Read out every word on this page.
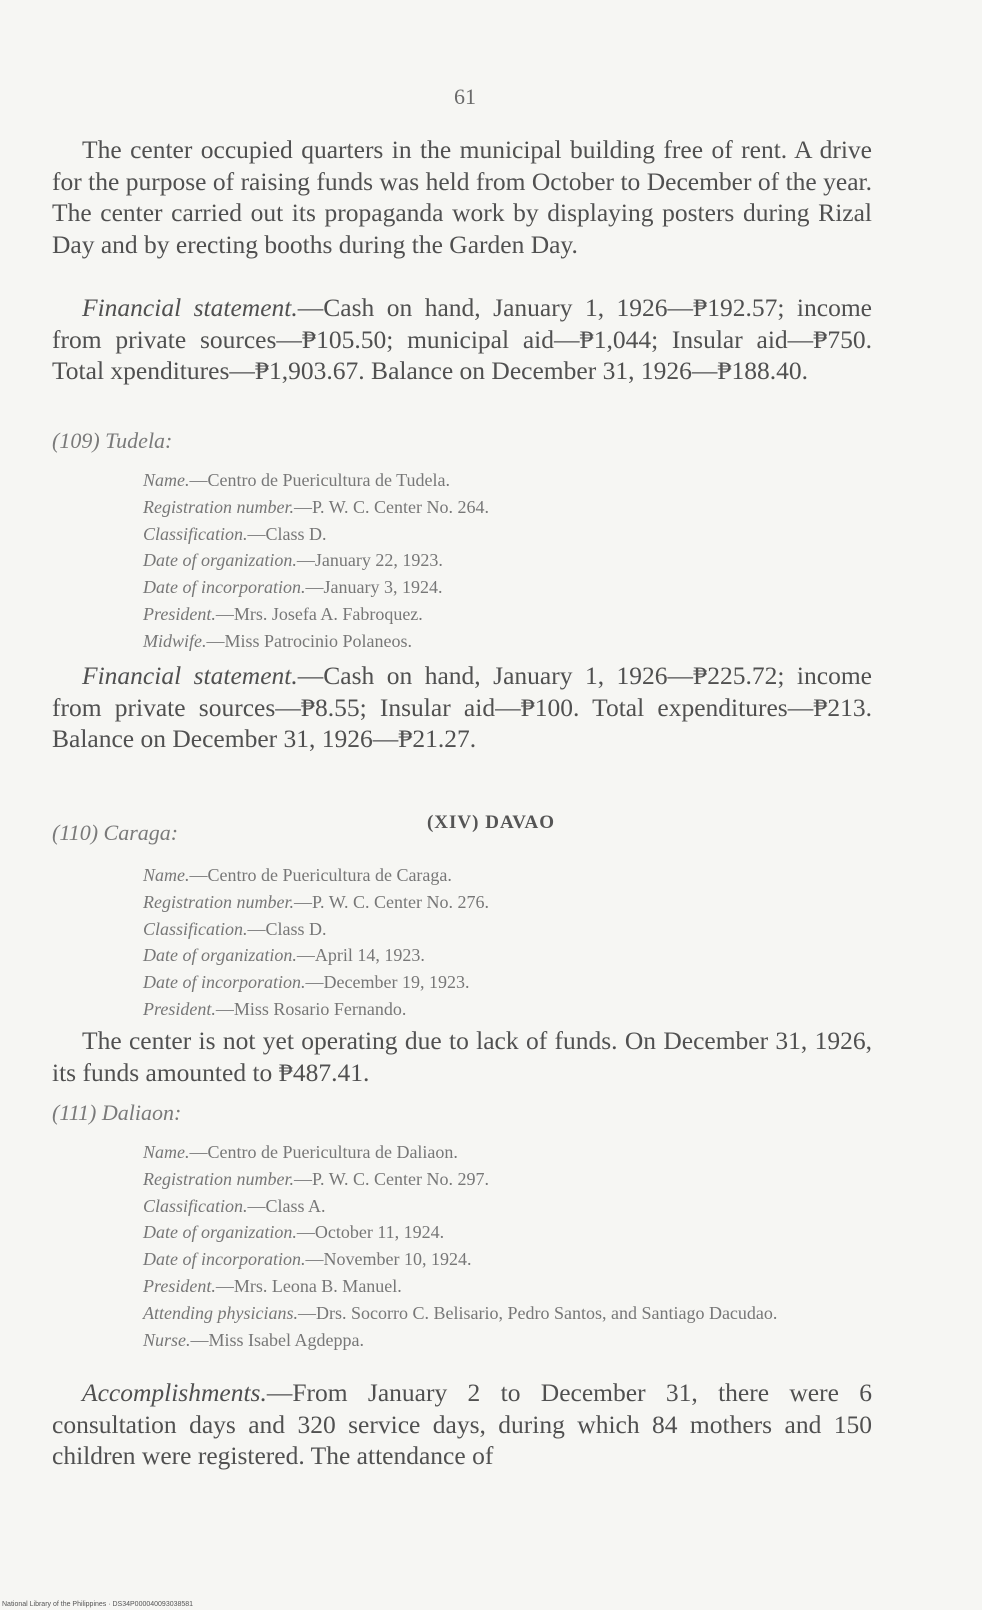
61

The center occupied quarters in the municipal building free of rent. A drive for the purpose of raising funds was held from October to December of the year. The center carried out its propaganda work by displaying posters during Rizal Day and by erecting booths during the Garden Day.

Financial statement.—Cash on hand, January 1, 1926—₱192.57; income from private sources—₱105.50; municipal aid—₱1,044; Insular aid—₱750. Total xpenditures—₱1,903.67. Balance on December 31, 1926—₱188.40.

(109) Tudela:
Name.—Centro de Puericultura de Tudela.
Registration number.—P. W. C. Center No. 264.
Classification.—Class D.
Date of organization.—January 22, 1923.
Date of incorporation.—January 3, 1924.
President.—Mrs. Josefa A. Fabroquez.
Midwife.—Miss Patrocinio Polaneos.

Financial statement.—Cash on hand, January 1, 1926—₱225.72; income from private sources—₱8.55; Insular aid—₱100. Total expenditures—₱213. Balance on December 31, 1926—₱21.27.

(XIV) DAVAO
(110) Caraga:
Name.—Centro de Puericultura de Caraga.
Registration number.—P. W. C. Center No. 276.
Classification.—Class D.
Date of organization.—April 14, 1923.
Date of incorporation.—December 19, 1923.
President.—Miss Rosario Fernando.

The center is not yet operating due to lack of funds. On December 31, 1926, its funds amounted to ₱487.41.

(111) Daliaon:
Name.—Centro de Puericultura de Daliaon.
Registration number.—P. W. C. Center No. 297.
Classification.—Class A.
Date of organization.—October 11, 1924.
Date of incorporation.—November 10, 1924.
President.—Mrs. Leona B. Manuel.
Attending physicians.—Drs. Socorro C. Belisario, Pedro Santos, and Santiago Dacudao.
Nurse.—Miss Isabel Agdeppa.

Accomplishments.—From January 2 to December 31, there were 6 consultation days and 320 service days, during which 84 mothers and 150 children were registered. The attendance of

National Library of the Philippines · DS34P000040093038581
